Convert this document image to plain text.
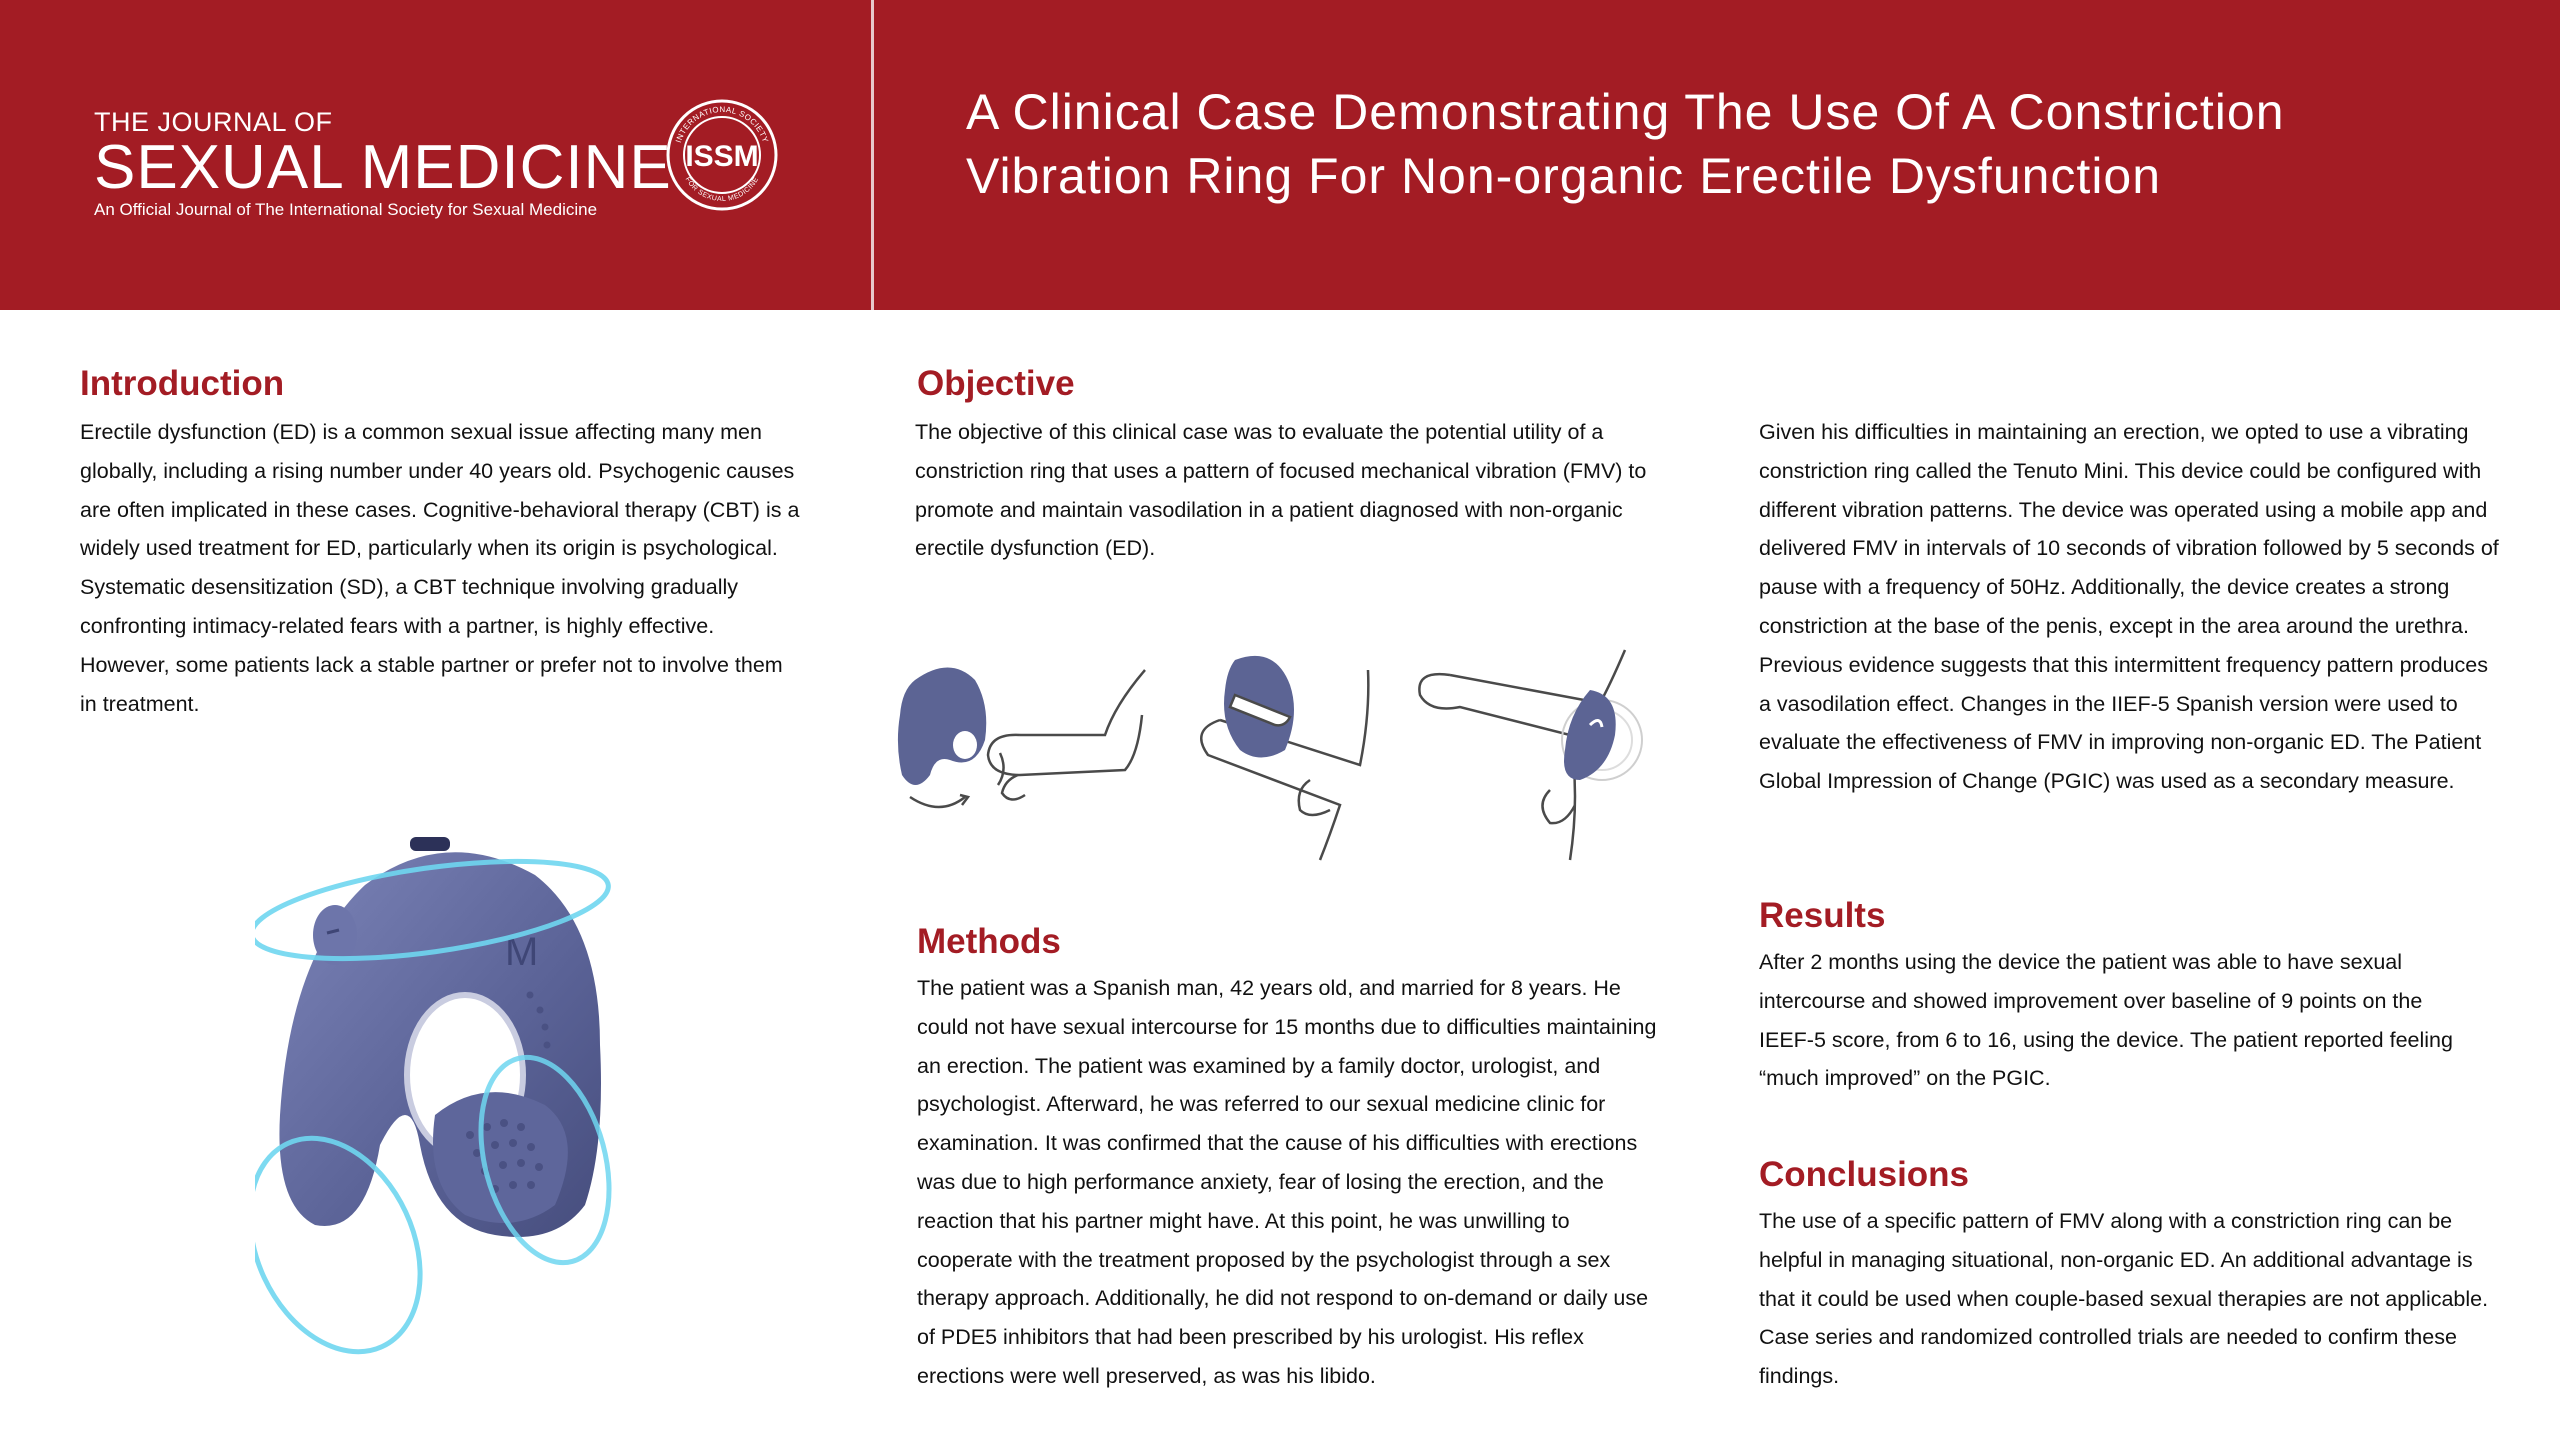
THE JOURNAL OF
SEXUAL MEDICINE
An Official Journal of The International Society for Sexual Medicine
INTERNATIONAL SOCIETY
FOR SEXUAL MEDICINE
ISSM
A Clinical Case Demonstrating The Use Of A Constriction Vibration Ring For Non-organic Erectile Dysfunction
Introduction

Erectile dysfunction (ED) is a common sexual issue affecting many men globally, including a rising number under 40 years old. Psychogenic causes are often implicated in these cases. Cognitive-behavioral therapy (CBT) is a widely used treatment for ED, particularly when its origin is psychological. Systematic desensitization (SD), a CBT technique involving gradually confronting intimacy-related fears with a partner, is highly effective. However, some patients lack a stable partner or prefer not to involve them in treatment.

M
Objective

The objective of this clinical case was to evaluate the potential utility of a constriction ring that uses a pattern of focused mechanical vibration (FMV) to promote and maintain vasodilation in a patient diagnosed with non-organic erectile dysfunction (ED).

Methods

The patient was a Spanish man, 42 years old, and married for 8 years. He could not have sexual intercourse for 15 months due to difficulties maintaining an erection. The patient was examined by a family doctor, urologist, and psychologist. Afterward, he was referred to our sexual medicine clinic for examination. It was confirmed that the cause of his difficulties with erections was due to high performance anxiety, fear of losing the erection, and the reaction that his partner might have. At this point, he was unwilling to cooperate with the treatment proposed by the psychologist through a sex therapy approach. Additionally, he did not respond to on-demand or daily use of PDE5 inhibitors that had been prescribed by his urologist. His reflex erections were well preserved, as was his libido.

Given his difficulties in maintaining an erection, we opted to use a vibrating constriction ring called the Tenuto Mini. This device could be configured with different vibration patterns. The device was operated using a mobile app and delivered FMV in intervals of 10 seconds of vibration followed by 5 seconds of pause with a frequency of 50Hz. Additionally, the device creates a strong constriction at the base of the penis, except in the area around the urethra. Previous evidence suggests that this intermittent frequency pattern produces a vasodilation effect. Changes in the IIEF-5 Spanish version were used to evaluate the effectiveness of FMV in improving non-organic ED. The Patient Global Impression of Change (PGIC) was used as a secondary measure.

Results

After 2 months using the device the patient was able to have sexual intercourse and showed improvement over baseline of 9 points on the IEEF-5 score, from 6 to 16, using the device. The patient reported feeling “much improved” on the PGIC.

Conclusions

The use of a specific pattern of FMV along with a constriction ring can be helpful in managing situational, non-organic ED. An additional advantage is that it could be used when couple-based sexual therapies are not applicable. Case series and randomized controlled trials are needed to confirm these findings.
